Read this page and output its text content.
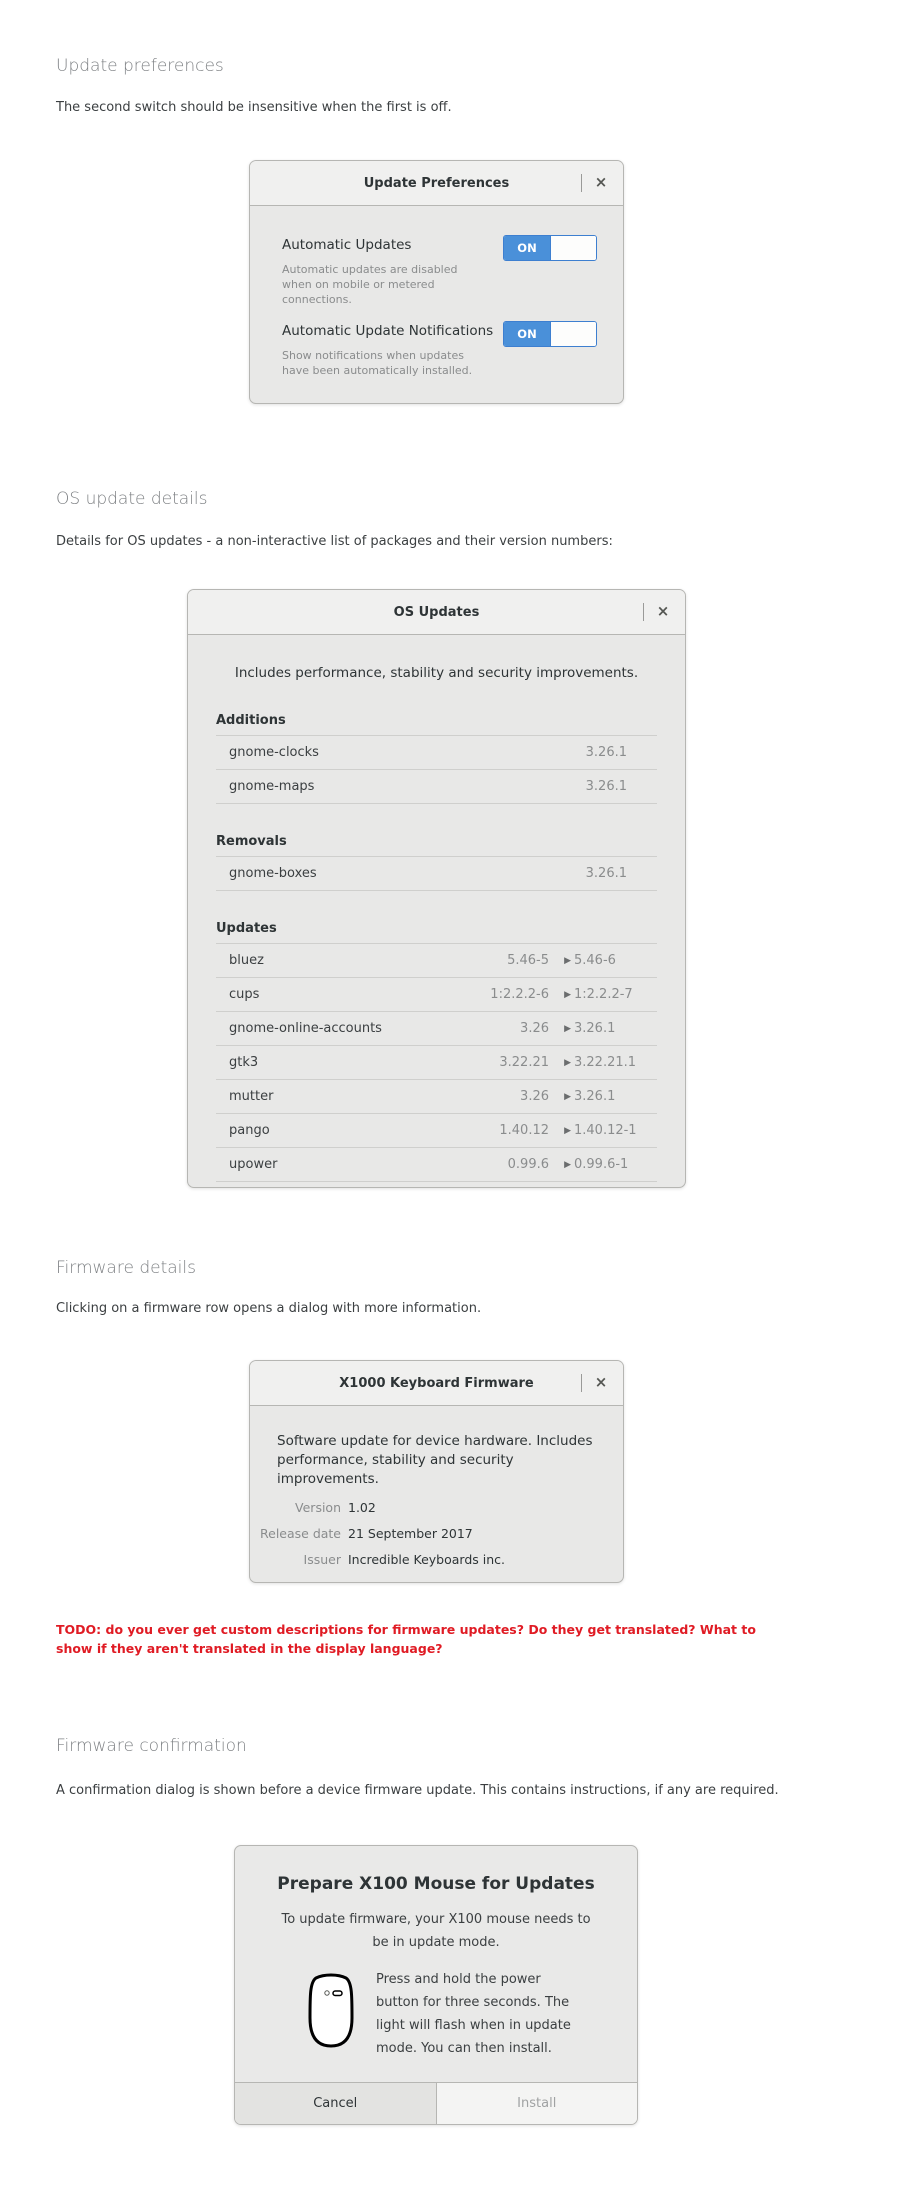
Update preferences

The second switch should be insensitive when the first is off.

Update Preferences	×
Automatic Updates
Automatic updates are disabled when on mobile or metered connections.
ON
Automatic Update Notifications
Show notifications when updates have been automatically installed.
ON
OS update details

Details for OS updates - a non-interactive list of packages and their version numbers:

OS Updates	×
Includes performance, stability and security improvements.
Additions
gnome-clocks	3.26.1
gnome-maps	3.26.1
Removals
gnome-boxes	3.26.1
Updates
bluez	5.46-5 ▶ 5.46-6
cups	1:2.2.2-6 ▶ 1:2.2.2-7
gnome-online-accounts	3.26 ▶ 3.26.1
gtk3	3.22.21 ▶ 3.22.21.1
mutter	3.26 ▶ 3.26.1
pango	1.40.12 ▶ 1.40.12-1
upower	0.99.6 ▶ 0.99.6-1
Firmware details

Clicking on a firmware row opens a dialog with more information.

X1000 Keyboard Firmware	×
Software update for device hardware. Includes performance, stability and security improvements.
Version 1.02
Release date 21 September 2017
Issuer Incredible Keyboards inc.

TODO: do you ever get custom descriptions for firmware updates? Do they get translated? What to show if they aren't translated in the display language?

Firmware confirmation

A confirmation dialog is shown before a device firmware update. This contains instructions, if any are required.

Prepare X100 Mouse for Updates
To update firmware, your X100 mouse needs to be in update mode.
Press and hold the power button for three seconds. The light will flash when in update mode. You can then install.
Cancel	Install
